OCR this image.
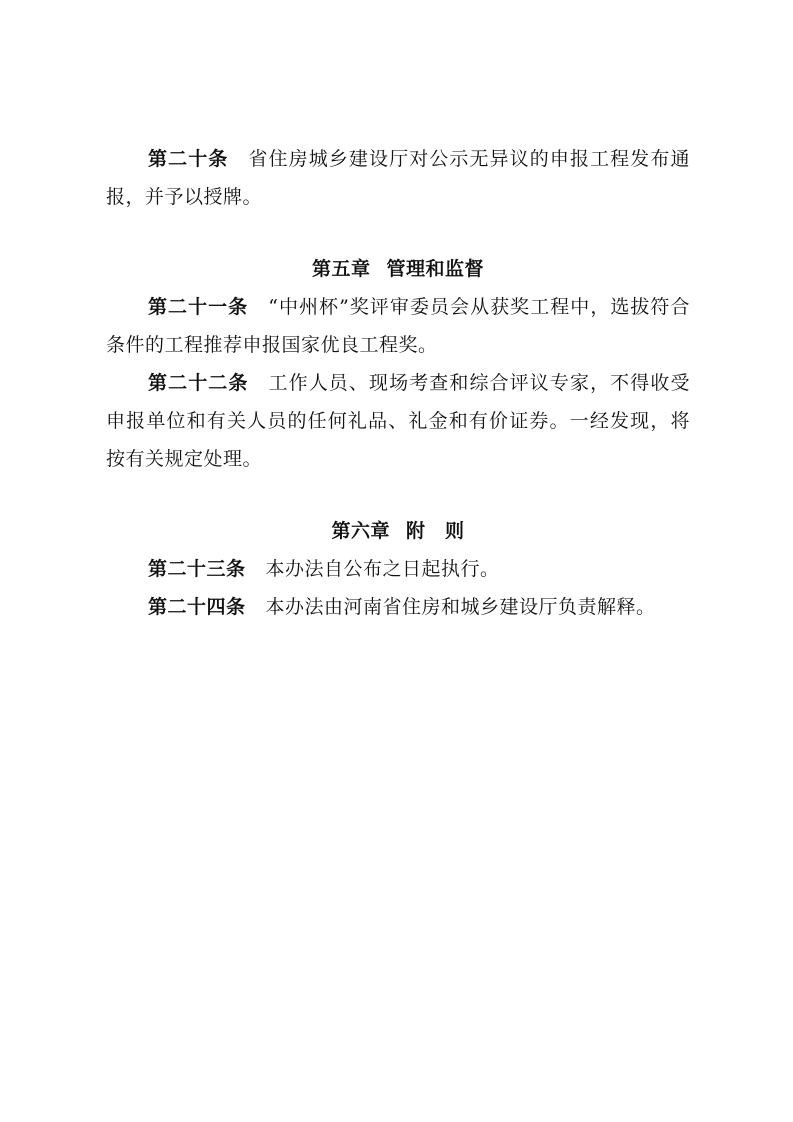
第二十条 省住房城乡建设厅对公示无异议的申报工程发布通报，并予以授牌。

第五章 管理和监督

第二十一条 “中州杯”奖评审委员会从获奖工程中，选拔符合条件的工程推荐申报国家优良工程奖。

第二十二条 工作人员、现场考查和综合评议专家，不得收受申报单位和有关人员的任何礼品、礼金和有价证券。一经发现，将按有关规定处理。

第六章 附　则

第二十三条 本办法自公布之日起执行。

第二十四条 本办法由河南省住房和城乡建设厅负责解释。
